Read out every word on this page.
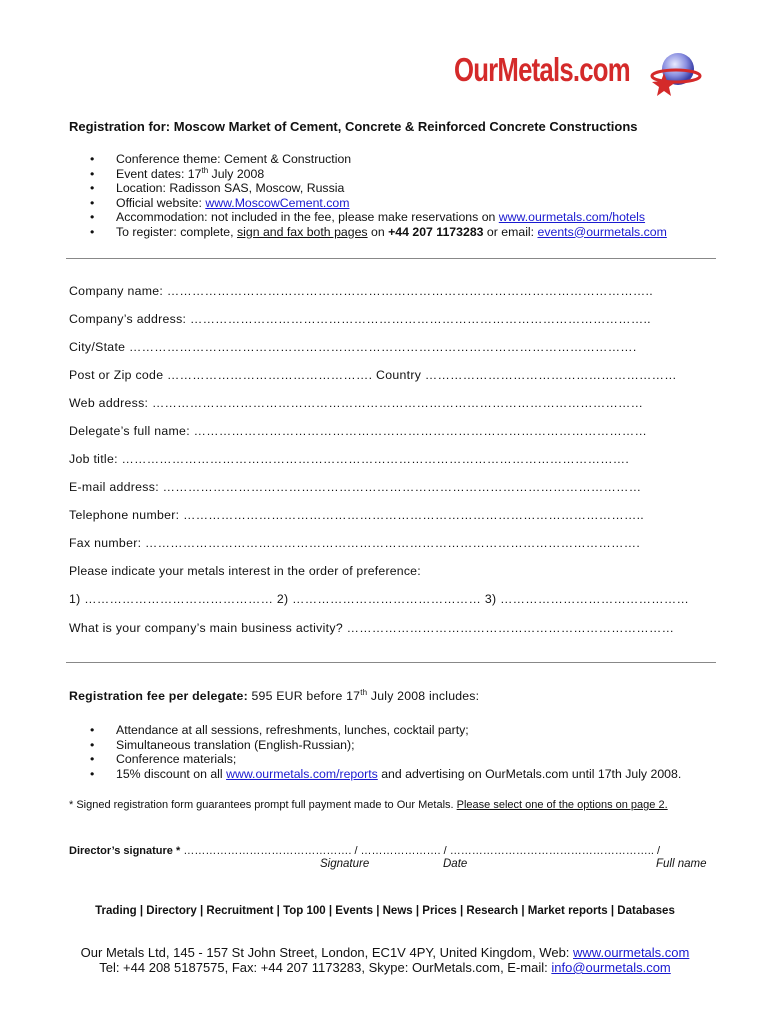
OurMetals.com
Registration for: Moscow Market of Cement, Concrete & Reinforced Concrete Constructions
• Conference theme: Cement & Construction
• Event dates: 17th July 2008
• Location: Radisson SAS, Moscow, Russia
• Official website: www.MoscowCement.com
• Accommodation: not included in the fee, please make reservations on www.ourmetals.com/hotels
• To register: complete, sign and fax both pages on +44 207 1173283 or email: events@ourmetals.com
Company name: ……………………………………………………………………………………………………..
Company’s address: ………………………………………………………………………………………………..
City/State ………………………………………………………………………………………………………….
Post or Zip code …………………………………………. Country ……………………………………………………
Web address: ………………………………………………………………………………………………………
Delegate’s full name: ………………………………………………………………………………………………
Job title: ………………………………………………………………………………………………………….
E-mail address: ……………………………………………………………………………………………………
Telephone number: ………………………………………………………………………………………………..
Fax number: ……………………………………………………………………………………………………….
Please indicate your metals interest in the order of preference:
1) ……………………………………… 2) ……………………………………… 3) ………………………………………
What is your company’s main business activity? ……………………………………………………………………
Registration fee per delegate: 595 EUR before 17th July 2008 includes:
• Attendance at all sessions, refreshments, lunches, cocktail party;
• Simultaneous translation (English-Russian);
• Conference materials;
• 15% discount on all www.ourmetals.com/reports and advertising on OurMetals.com until 17th July 2008.
* Signed registration form guarantees prompt full payment made to Our Metals. Please select one of the options on page 2.
Director’s signature * ………………………………………. / …………………. / ……………………………………………….. /
Signature	Date	Full name
Trading | Directory | Recruitment | Top 100 | Events | News | Prices | Research | Market reports | Databases
Our Metals Ltd, 145 - 157 St John Street, London, EC1V 4PY, United Kingdom, Web: www.ourmetals.com
Tel: +44 208 5187575, Fax: +44 207 1173283, Skype: OurMetals.com, E-mail: info@ourmetals.com
